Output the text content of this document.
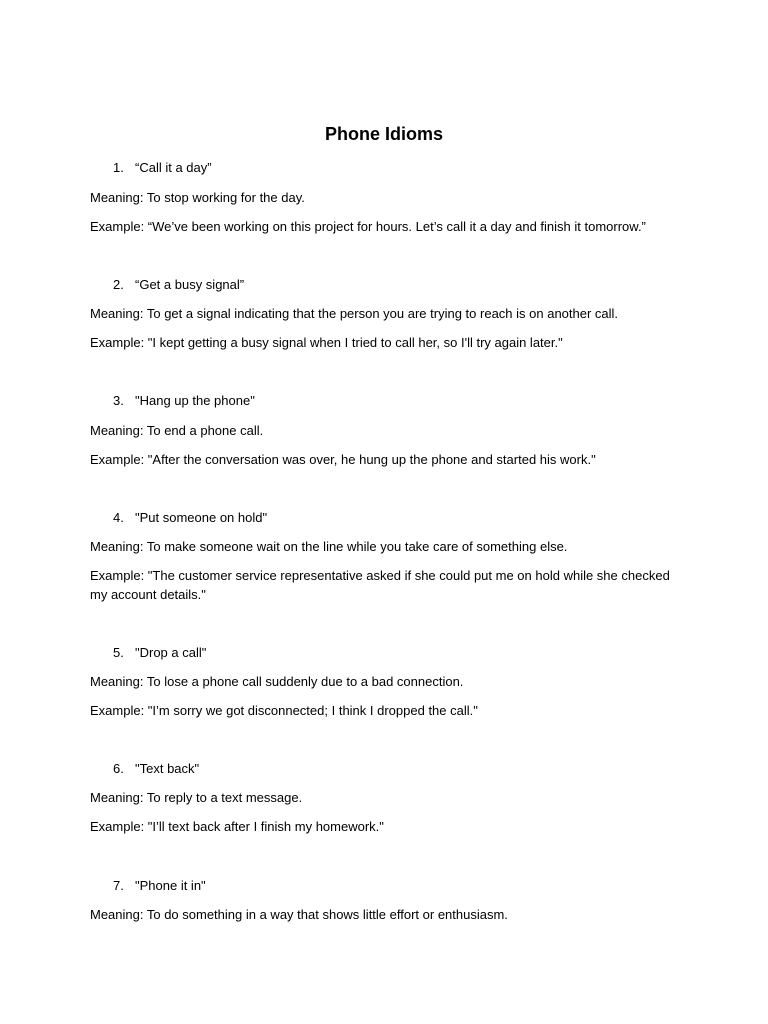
Phone Idioms

1. “Call it a day”

Meaning: To stop working for the day.

Example: “We’ve been working on this project for hours. Let’s call it a day and finish it tomorrow.”

2. “Get a busy signal”

Meaning: To get a signal indicating that the person you are trying to reach is on another call.

Example: "I kept getting a busy signal when I tried to call her, so I'll try again later."

3. "Hang up the phone"

Meaning: To end a phone call.

Example: "After the conversation was over, he hung up the phone and started his work."

4. "Put someone on hold"

Meaning: To make someone wait on the line while you take care of something else.

Example: "The customer service representative asked if she could put me on hold while she checked my account details."

5. "Drop a call"

Meaning: To lose a phone call suddenly due to a bad connection.

Example: "I’m sorry we got disconnected; I think I dropped the call."

6. "Text back"

Meaning: To reply to a text message.

Example: "I’ll text back after I finish my homework."

7. "Phone it in"

Meaning: To do something in a way that shows little effort or enthusiasm.
